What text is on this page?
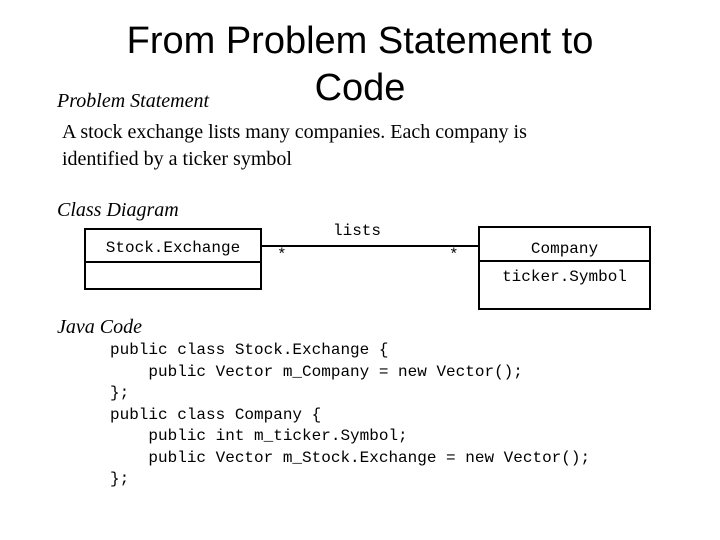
From Problem Statement to
Code
Problem Statement
A stock exchange lists many companies. Each company is
identified by a ticker symbol
Class Diagram
Stock.Exchange	*
lists
*	Company
ticker.Symbol
Java Code
public class Stock.Exchange {
public Vector m_Company = new Vector();
};
public class Company {
public int m_ticker.Symbol;
public Vector m_Stock.Exchange = new Vector();
};
